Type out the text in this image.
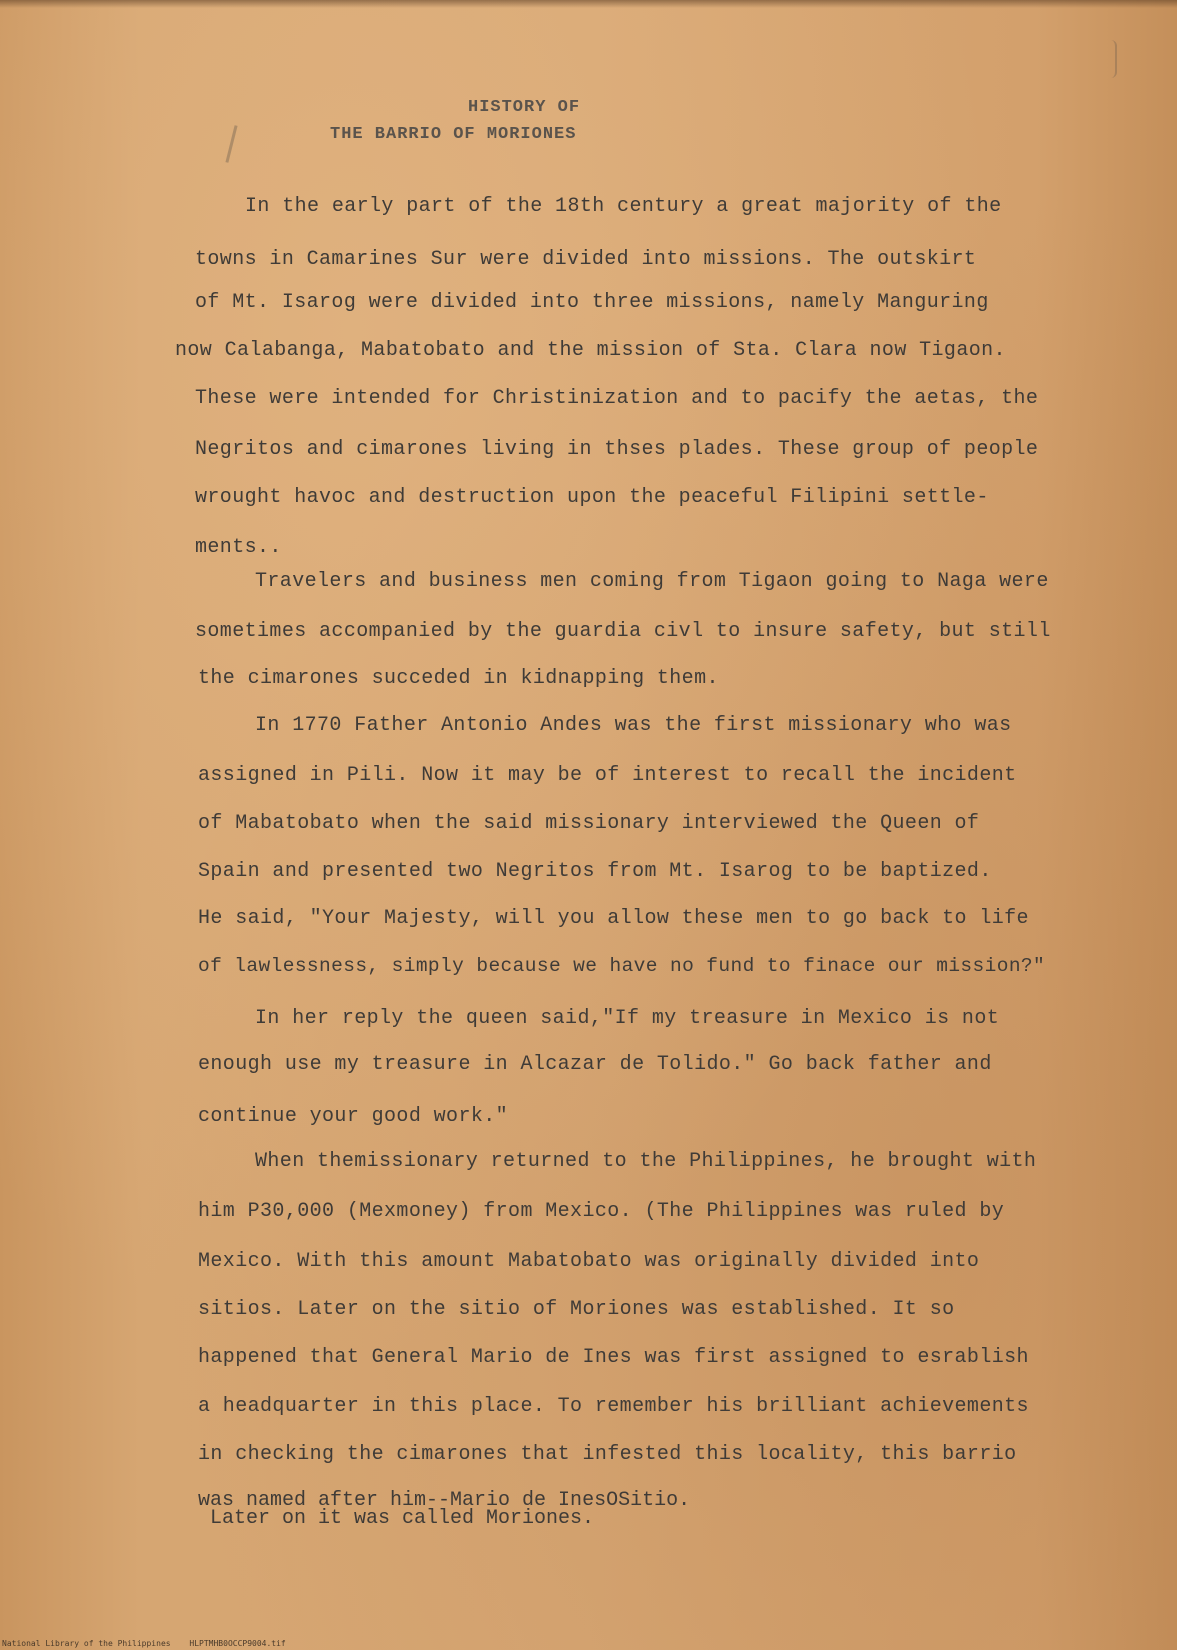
HISTORY OF
THE BARRIO OF MORIONES
In the early part of the 18th century a great majority of the
towns in Camarines Sur were divided into missions. The outskirt
of Mt. Isarog were divided into three missions, namely Manguring
now Calabanga, Mabatobato and the mission of Sta. Clara now Tigaon.
These were intended for Christinization and to pacify the aetas, the
Negritos and cimarones living in thses plades. These group of people
wrought havoc and destruction upon the peaceful Filipini settle-
ments..
Travelers and business men coming from Tigaon going to Naga were
sometimes accompanied by the guardia civl to insure safety, but still
the cimarones succeded in kidnapping them.
In 1770 Father Antonio Andes was the first missionary who was
assigned in Pili. Now it may be of interest to recall the incident
of Mabatobato when the said missionary interviewed the Queen of
Spain and presented two Negritos from Mt. Isarog to be baptized.
He said, "Your Majesty, will you allow these men to go back to life
of lawlessness, simply because we have no fund to finace our mission?"
In her reply the queen said,"If my treasure in Mexico is not
enough use my treasure in Alcazar de Tolido." Go back father and
continue your good work."
When themissionary returned to the Philippines, he brought with
him P30,000 (Mexmoney) from Mexico. (The Philippines was ruled by
Mexico. With this amount Mabatobato was originally divided into
sitios. Later on the sitio of Moriones was established. It so
happened that General Mario de Ines was first assigned to esrablish
a headquarter in this place. To remember his brilliant achievements
in checking the cimarones that infested this locality, this barrio
was named after him--Mario de InesOSitio.
Later on it was called Moriones.
National Library of the Philippines HLPTMHB0OCCP9004.tif
